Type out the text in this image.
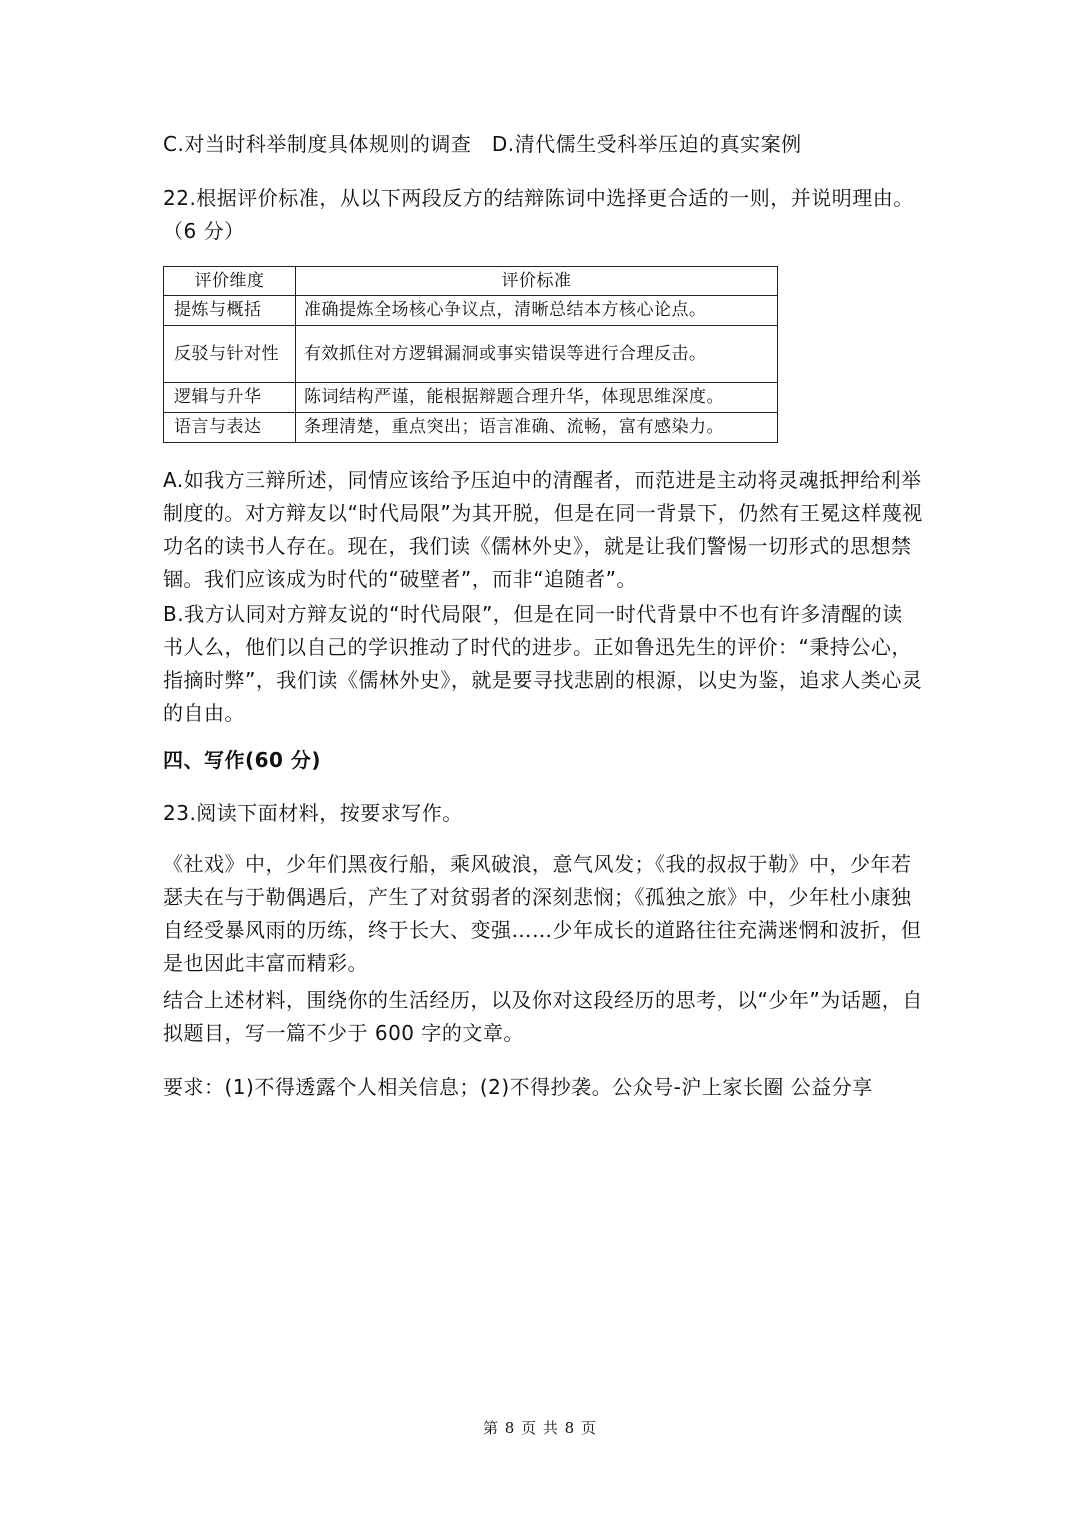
C.对当时科举制度具体规则的调查　D.清代儒生受科举压迫的真实案例

22.根据评价标准，从以下两段反方的结辩陈词中选择更合适的一则，并说明理由。（6 分）

评价维度	评价标准
提炼与概括	准确提炼全场核心争议点，清晰总结本方核心论点。
反驳与针对性	有效抓住对方逻辑漏洞或事实错误等进行合理反击。
逻辑与升华	陈词结构严谨，能根据辩题合理升华，体现思维深度。
语言与表达	条理清楚，重点突出；语言准确、流畅，富有感染力。

A.如我方三辩所述，同情应该给予压迫中的清醒者，而范进是主动将灵魂抵押给利举制度的。对方辩友以“时代局限”为其开脱，但是在同一背景下，仍然有王冕这样蔑视功名的读书人存在。现在，我们读《儒林外史》，就是让我们警惕一切形式的思想禁锢。我们应该成为时代的“破壁者”，而非“追随者”。

B.我方认同对方辩友说的“时代局限”，但是在同一时代背景中不也有许多清醒的读书人么，他们以自己的学识推动了时代的进步。正如鲁迅先生的评价：“秉持公心，指摘时弊”，我们读《儒林外史》，就是要寻找悲剧的根源，以史为鉴，追求人类心灵的自由。

四、写作(60 分)

23.阅读下面材料，按要求写作。

《社戏》中，少年们黑夜行船，乘风破浪，意气风发；《我的叔叔于勒》中，少年若瑟夫在与于勒偶遇后，产生了对贫弱者的深刻悲悯；《孤独之旅》中，少年杜小康独自经受暴风雨的历练，终于长大、变强……少年成长的道路往往充满迷惘和波折，但是也因此丰富而精彩。

结合上述材料，围绕你的生活经历，以及你对这段经历的思考，以“少年”为话题，自拟题目，写一篇不少于 600 字的文章。

要求：(1)不得透露个人相关信息；(2)不得抄袭。公众号-沪上家长圈 公益分享

第 8 页 共 8 页
